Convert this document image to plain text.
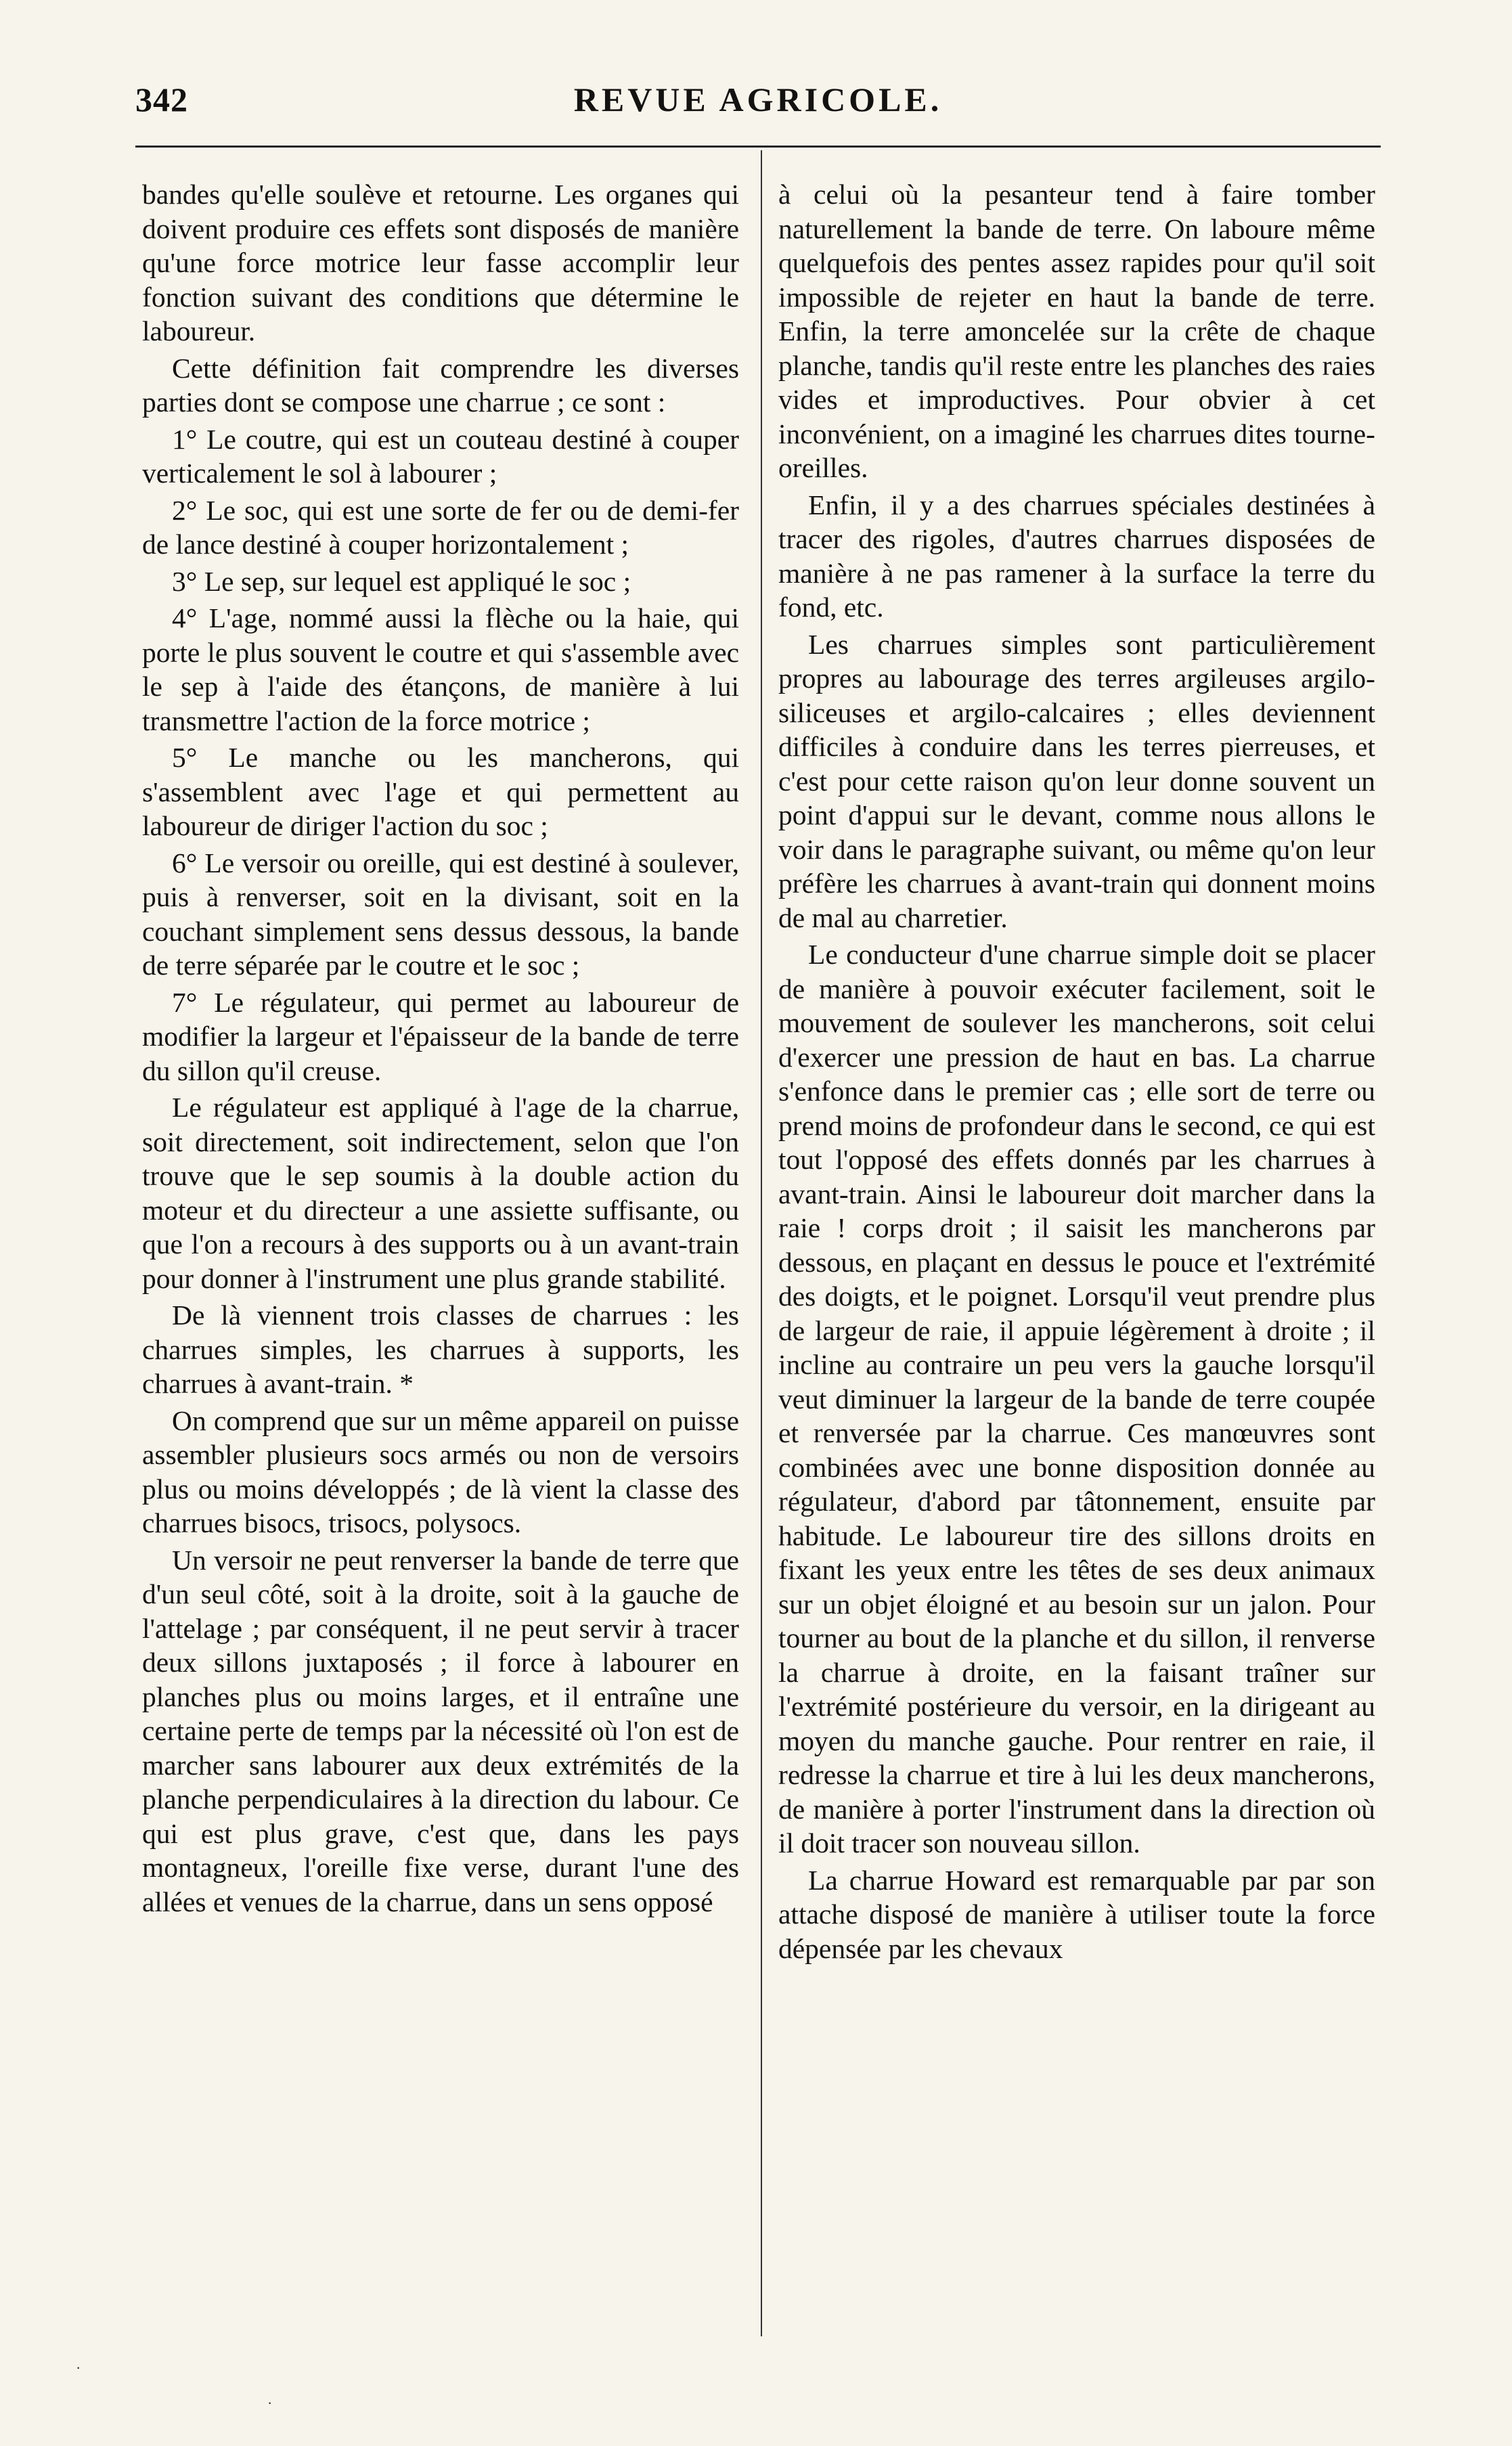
342	REVUE AGRICOLE.

bandes qu'elle soulève et retourne. Les organes qui doivent produire ces effets sont disposés de manière qu'une force motrice leur fasse accomplir leur fonction suivant des conditions que détermine le laboureur.

Cette définition fait comprendre les diverses parties dont se compose une charrue ; ce sont :

1° Le coutre, qui est un couteau destiné à couper verticalement le sol à labourer ;

2° Le soc, qui est une sorte de fer ou de demi-fer de lance destiné à couper horizontalement ;

3° Le sep, sur lequel est appliqué le soc ;

4° L'age, nommé aussi la flèche ou la haie, qui porte le plus souvent le coutre et qui s'assemble avec le sep à l'aide des étançons, de manière à lui transmettre l'action de la force motrice ;

5° Le manche ou les mancherons, qui s'assemblent avec l'age et qui permettent au laboureur de diriger l'action du soc ;

6° Le versoir ou oreille, qui est destiné à soulever, puis à renverser, soit en la divisant, soit en la couchant simplement sens dessus dessous, la bande de terre séparée par le coutre et le soc ;

7° Le régulateur, qui permet au laboureur de modifier la largeur et l'épaisseur de la bande de terre du sillon qu'il creuse.

Le régulateur est appliqué à l'age de la charrue, soit directement, soit indirectement, selon que l'on trouve que le sep soumis à la double action du moteur et du directeur a une assiette suffisante, ou que l'on a recours à des supports ou à un avant-train pour donner à l'instrument une plus grande stabilité.

De là viennent trois classes de charrues : les charrues simples, les charrues à supports, les charrues à avant-train. *

On comprend que sur un même appareil on puisse assembler plusieurs socs armés ou non de versoirs plus ou moins développés ; de là vient la classe des charrues bisocs, trisocs, polysocs.

Un versoir ne peut renverser la bande de terre que d'un seul côté, soit à la droite, soit à la gauche de l'attelage ; par conséquent, il ne peut servir à tracer deux sillons juxtaposés ; il force à labourer en planches plus ou moins larges, et il entraîne une certaine perte de temps par la nécessité où l'on est de marcher sans labourer aux deux extrémités de la planche perpendiculaires à la direction du labour. Ce qui est plus grave, c'est que, dans les pays montagneux, l'oreille fixe verse, durant l'une des allées et venues de la charrue, dans un sens opposé

à celui où la pesanteur tend à faire tomber naturellement la bande de terre. On laboure même quelquefois des pentes assez rapides pour qu'il soit impossible de rejeter en haut la bande de terre. Enfin, la terre amoncelée sur la crête de chaque planche, tandis qu'il reste entre les planches des raies vides et improductives. Pour obvier à cet inconvénient, on a imaginé les charrues dites tourne-oreilles.

Enfin, il y a des charrues spéciales destinées à tracer des rigoles, d'autres charrues disposées de manière à ne pas ramener à la surface la terre du fond, etc.

Les charrues simples sont particulièrement propres au labourage des terres argileuses argilo-siliceuses et argilo-calcaires ; elles deviennent difficiles à conduire dans les terres pierreuses, et c'est pour cette raison qu'on leur donne souvent un point d'appui sur le devant, comme nous allons le voir dans le paragraphe suivant, ou même qu'on leur préfère les charrues à avant-train qui donnent moins de mal au charretier.

Le conducteur d'une charrue simple doit se placer de manière à pouvoir exécuter facilement, soit le mouvement de soulever les mancherons, soit celui d'exercer une pression de haut en bas. La charrue s'enfonce dans le premier cas ; elle sort de terre ou prend moins de profondeur dans le second, ce qui est tout l'opposé des effets donnés par les charrues à avant-train. Ainsi le laboureur doit marcher dans la raie ! corps droit ; il saisit les mancherons par dessous, en plaçant en dessus le pouce et l'extrémité des doigts, et le poignet. Lorsqu'il veut prendre plus de largeur de raie, il appuie légèrement à droite ; il incline au contraire un peu vers la gauche lorsqu'il veut diminuer la largeur de la bande de terre coupée et renversée par la charrue. Ces manœuvres sont combinées avec une bonne disposition donnée au régulateur, d'abord par tâtonnement, ensuite par habitude. Le laboureur tire des sillons droits en fixant les yeux entre les têtes de ses deux animaux sur un objet éloigné et au besoin sur un jalon. Pour tourner au bout de la planche et du sillon, il renverse la charrue à droite, en la faisant traîner sur l'extrémité postérieure du versoir, en la dirigeant au moyen du manche gauche. Pour rentrer en raie, il redresse la charrue et tire à lui les deux mancherons, de manière à porter l'instrument dans la direction où il doit tracer son nouveau sillon.

La charrue Howard est remarquable par par son attache disposé de manière à utiliser toute la force dépensée par les chevaux

·
·
